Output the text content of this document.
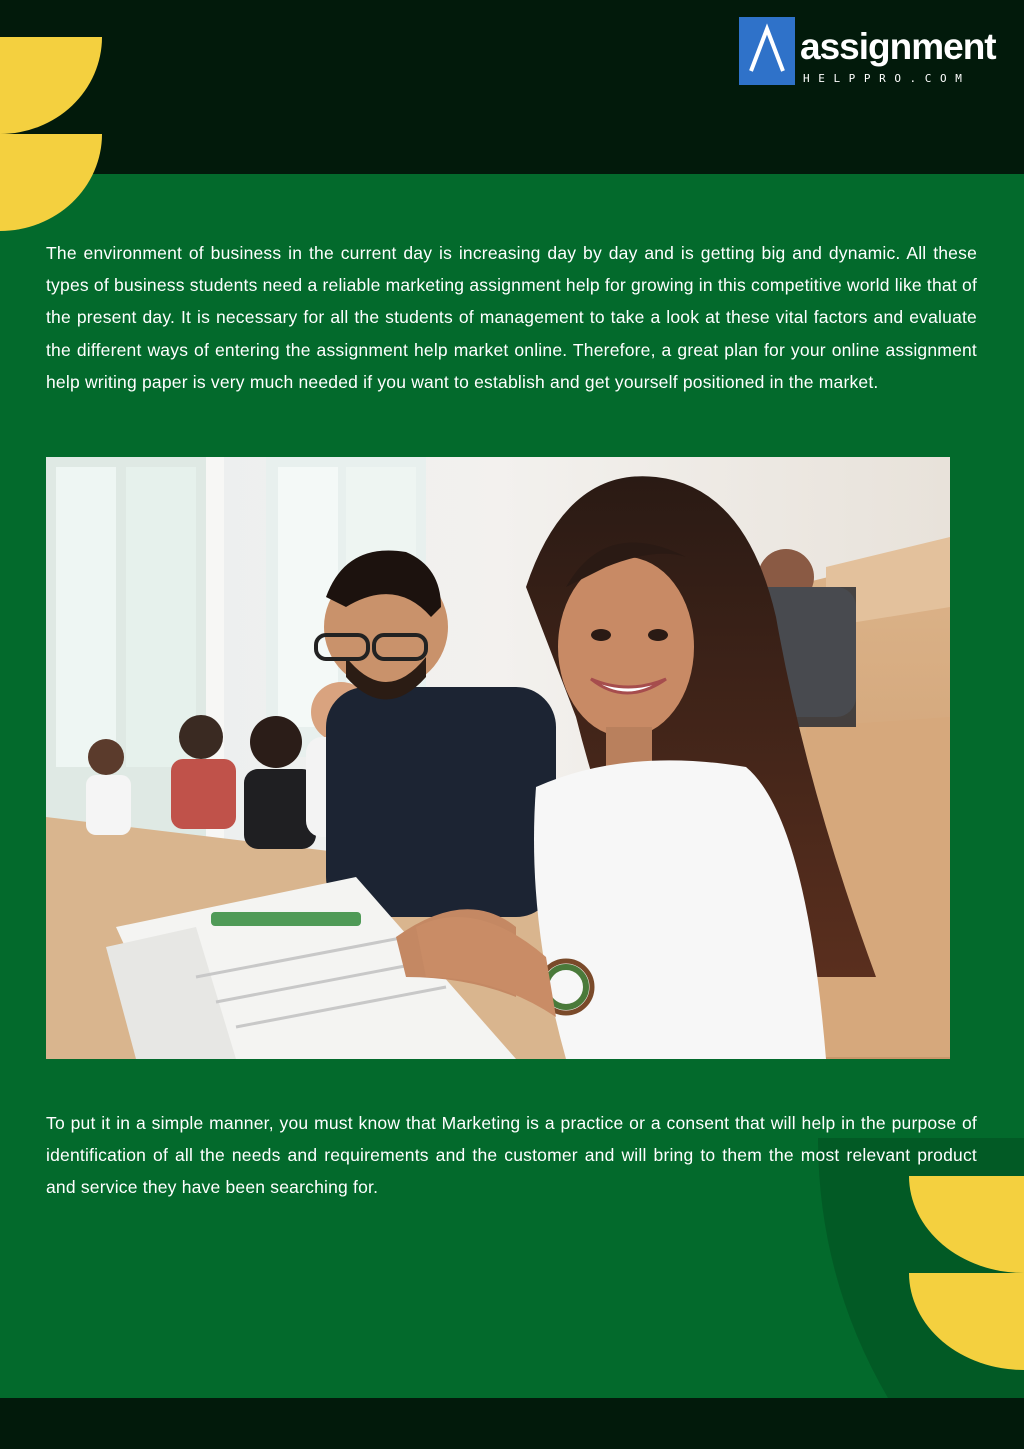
assignment
HELPPRO.COM

The environment of business in the current day is increasing day by day and is getting big and dynamic. All these types of business students need a reliable marketing assignment help for growing in this competitive world like that of the present day. It is necessary for all the students of management to take a look at these vital factors and evaluate the different ways of entering the assignment help market online. Therefore, a great plan for your online assignment help writing paper is very much needed if you want to establish and get yourself positioned in the market.

To put it in a simple manner, you must know that Marketing is a practice or a consent that will help in the purpose of identification of all the needs and requirements and the customer and will bring to them the most relevant product and service they have been searching for.
